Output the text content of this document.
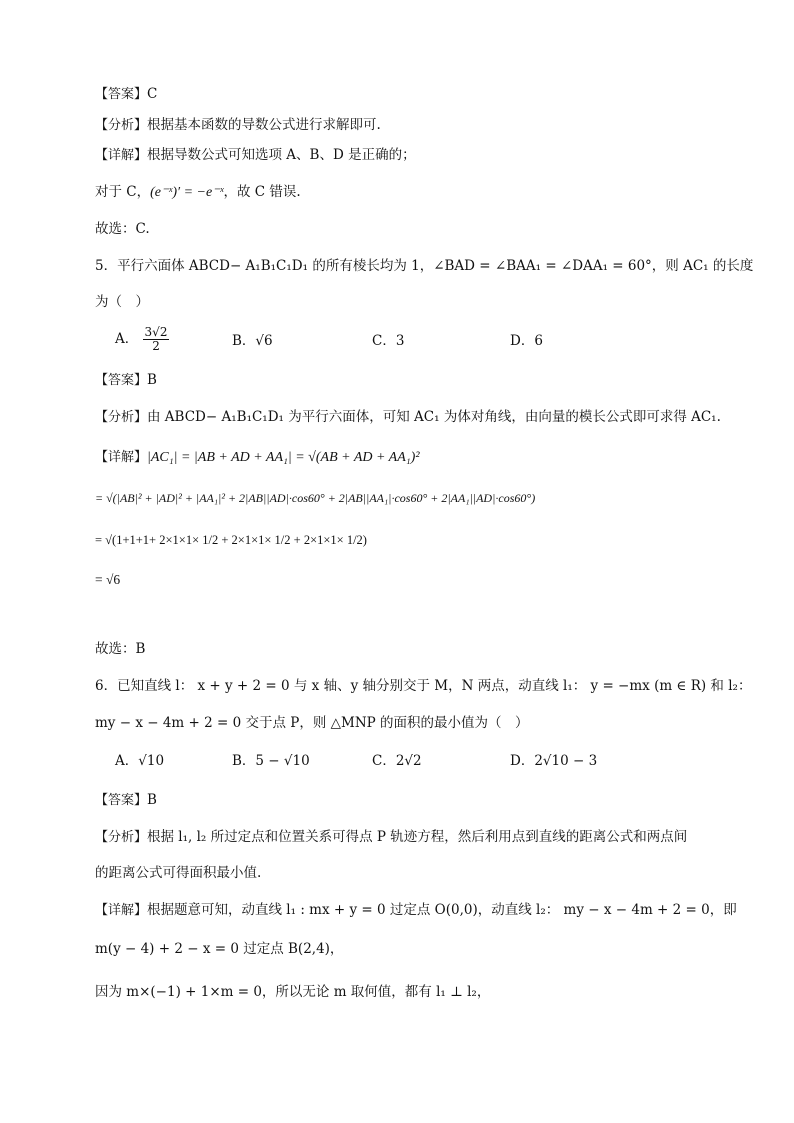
【答案】C
【分析】根据基本函数的导数公式进行求解即可.
【详解】根据导数公式可知选项 A、B、D 是正确的；
对于 C，(e⁻ˣ)′ = −e⁻ˣ，故 C 错误.
故选：C.
5．平行六面体 ABCD− A₁B₁C₁D₁ 的所有棱长均为 1，∠BAD = ∠BAA₁ = ∠DAA₁ = 60°，则 AC₁ 的长度
为（　）
A． $\frac{3√2}{2}$	B．√6	C．3	D．6
【答案】B
【分析】由 ABCD− A₁B₁C₁D₁ 为平行六面体，可知 AC₁ 为体对角线，由向量的模长公式即可求得 AC₁.
【详解】|AC₁| = |AB + AD + AA₁| = √(AB + AD + AA₁)²
= √(|AB|² + |AD|² + |AA₁|² + 2|AB||AD|·cos60° + 2|AB||AA₁|·cos60° + 2|AA₁||AD|·cos60°)
= √(1+1+1+ 2×1×1× 1/2 + 2×1×1× 1/2 + 2×1×1× 1/2)
= √6
故选：B
6．已知直线 l： x + y + 2 = 0 与 x 轴、y 轴分别交于 M，N 两点，动直线 l₁： y = −mx (m ∈ R) 和 l₂：
my − x − 4m + 2 = 0 交于点 P，则 △MNP 的面积的最小值为（　）
A．√10	B．5 − √10	C．2√2	D．2√10 − 3
【答案】B
【分析】根据 l₁, l₂ 所过定点和位置关系可得点 P 轨迹方程，然后利用点到直线的距离公式和两点间
的距离公式可得面积最小值.
【详解】根据题意可知，动直线 l₁ : mx + y = 0 过定点 O(0,0)，动直线 l₂： my − x − 4m + 2 = 0，即
m(y − 4) + 2 − x = 0 过定点 B(2,4)，
因为 m×(−1) + 1×m = 0，所以无论 m 取何值，都有 l₁ ⊥ l₂，
